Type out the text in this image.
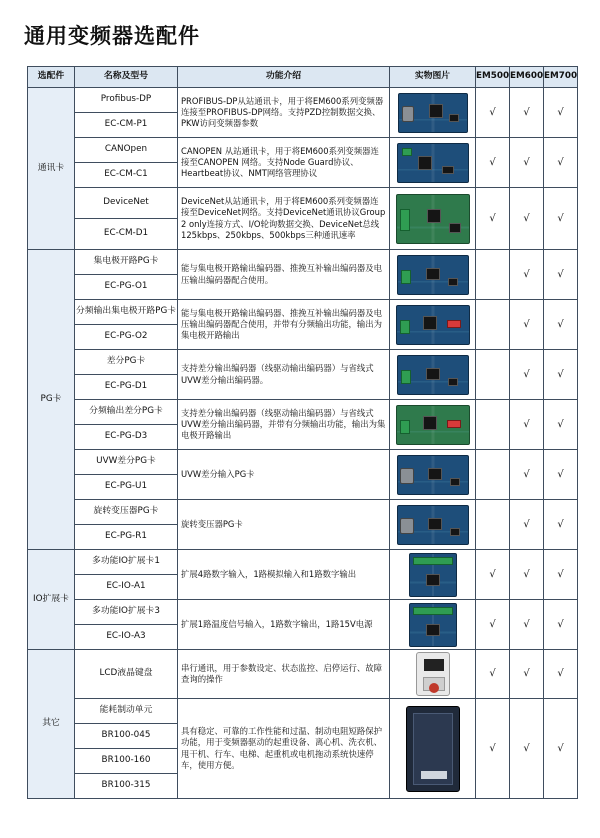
通用变频器选配件
选配件	名称及型号	功能介绍	实物图片	EM500	EM600	EM700
通讯卡	Profibus-DP	PROFIBUS-DP从站通讯卡，用于将EM600系列变频器连接至PROFIBUS-DP网络。支持PZD控制数据交换、PKW访问变频器参数		√	√	√
	EC-CM-P1					
	CANOpen	CANOPEN 从站通讯卡，用于将EM600系列变频器连接至CANOPEN 网络。支持Node Guard协议、Heartbeat协议、NMT网络管理协议		√	√	√
	EC-CM-C1					
	DeviceNet	DeviceNet从站通讯卡，用于将EM600系列变频器连接至DeviceNet网络。支持DeviceNet通讯协议Group 2 only连接方式、I/O轮询数据交换、DeviceNet总线125kbps、250kbps、500kbps三种通讯速率		√	√	√
	EC-CM-D1					
PG卡	集电极开路PG卡	能与集电极开路输出编码器、推挽互补输出编码器及电压输出编码器配合使用。			√	√
	EC-PG-O1					
	分频输出集电极开路PG卡	能与集电极开路输出编码器、推挽互补输出编码器及电压输出编码器配合使用，并带有分频输出功能，输出为集电极开路输出			√	√
	EC-PG-O2					
	差分PG卡	支持差分输出编码器（线驱动输出编码器）与省线式UVW差分输出编码器。			√	√
	EC-PG-D1					
	分频输出差分PG卡	支持差分输出编码器（线驱动输出编码器）与省线式UVW差分输出编码器，并带有分频输出功能，输出为集电极开路输出			√	√
	EC-PG-D3					
	UVW差分PG卡	UVW差分输入PG卡			√	√
	EC-PG-U1					
	旋转变压器PG卡	旋转变压器PG卡			√	√
	EC-PG-R1					
IO扩展卡	多功能IO扩展卡1	扩展4路数字输入，1路模拟输入和1路数字输出		√	√	√
	EC-IO-A1					
	多功能IO扩展卡3	扩展1路温度信号输入，1路数字输出，1路15V电源		√	√	√
	EC-IO-A3					
其它	LCD液晶键盘	串行通讯，用于参数设定、状态监控、启停运行、故障查询的操作		√	√	√
	能耗制动单元	具有稳定、可靠的工作性能和过温、制动电阻短路保护功能，用于变频器驱动的起重设备、离心机、洗衣机、甩干机、行车、电梯、起重机或电机拖动系统快速停车，使用方便。		√	√	√
	BR100-045					
	BR100-160					
	BR100-315					
